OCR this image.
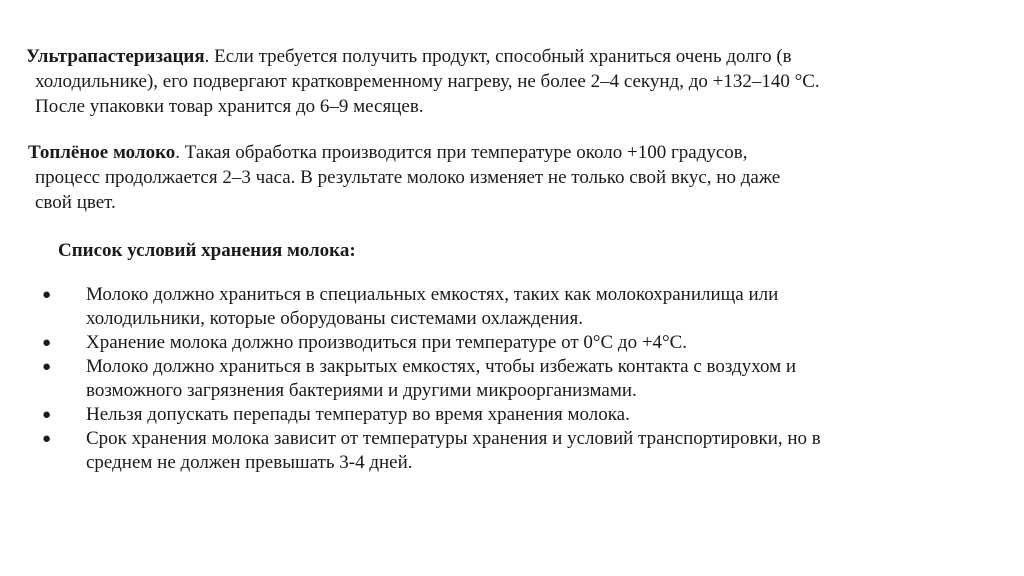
Ультрапастеризация. Если требуется получить продукт, способный храниться очень долго (в
холодильнике), его подвергают кратковременному нагреву, не более 2–4 секунд, до +132–140 °С.
После упаковки товар хранится до 6–9 месяцев.

Топлёное молоко. Такая обработка производится при температуре около +100 градусов,
процесс продолжается 2–3 часа. В результате молоко изменяет не только свой вкус, но даже
свой цвет.

Список условий хранения молока:
● Молоко должно храниться в специальных емкостях, таких как молокохранилища или
холодильники, которые оборудованы системами охлаждения.
● Хранение молока должно производиться при температуре от 0°С до +4°С.
● Молоко должно храниться в закрытых емкостях, чтобы избежать контакта с воздухом и
возможного загрязнения бактериями и другими микроорганизмами.
● Нельзя допускать перепады температур во время хранения молока.
● Срок хранения молока зависит от температуры хранения и условий транспортировки, но в
среднем не должен превышать 3-4 дней.
